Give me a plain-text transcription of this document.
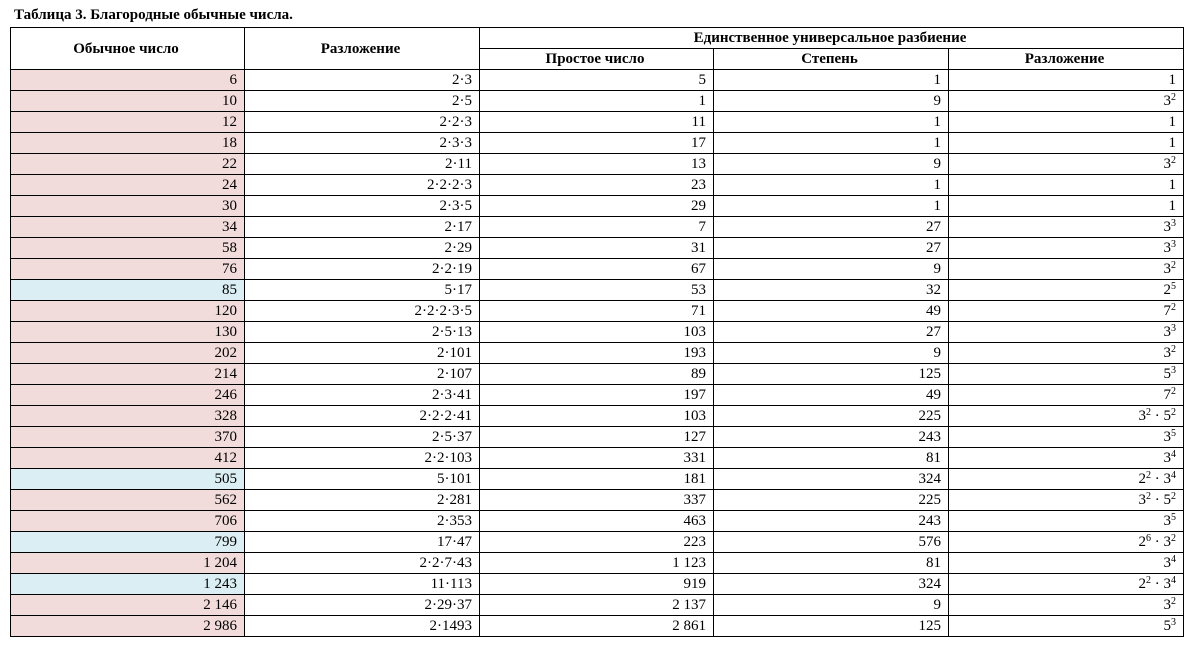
Таблица 3. Благородные обычные числа.
Обычное число	Разложение	Единственное универсальное разбиение		
		Простое число	Степень	Разложение
6	2·3	5	1	1
10	2·5	1	9	$3^2$
12	2·2·3	11	1	1
18	2·3·3	17	1	1
22	2·11	13	9	$3^2$
24	2·2·2·3	23	1	1
30	2·3·5	29	1	1
34	2·17	7	27	$3^3$
58	2·29	31	27	$3^3$
76	2·2·19	67	9	$3^2$
85	5·17	53	32	$2^5$
120	2·2·2·3·5	71	49	$7^2$
130	2·5·13	103	27	$3^3$
202	2·101	193	9	$3^2$
214	2·107	89	125	$5^3$
246	2·3·41	197	49	$7^2$
328	2·2·2·41	103	225	$3^2 \cdot 5^2$
370	2·5·37	127	243	$3^5$
412	2·2·103	331	81	$3^4$
505	5·101	181	324	$2^2 \cdot 3^4$
562	2·281	337	225	$3^2 \cdot 5^2$
706	2·353	463	243	$3^5$
799	17·47	223	576	$2^6 \cdot 3^2$
1 204	2·2·7·43	1 123	81	$3^4$
1 243	11·113	919	324	$2^2 \cdot 3^4$
2 146	2·29·37	2 137	9	$3^2$
2 986	2·1493	2 861	125	$5^3$
